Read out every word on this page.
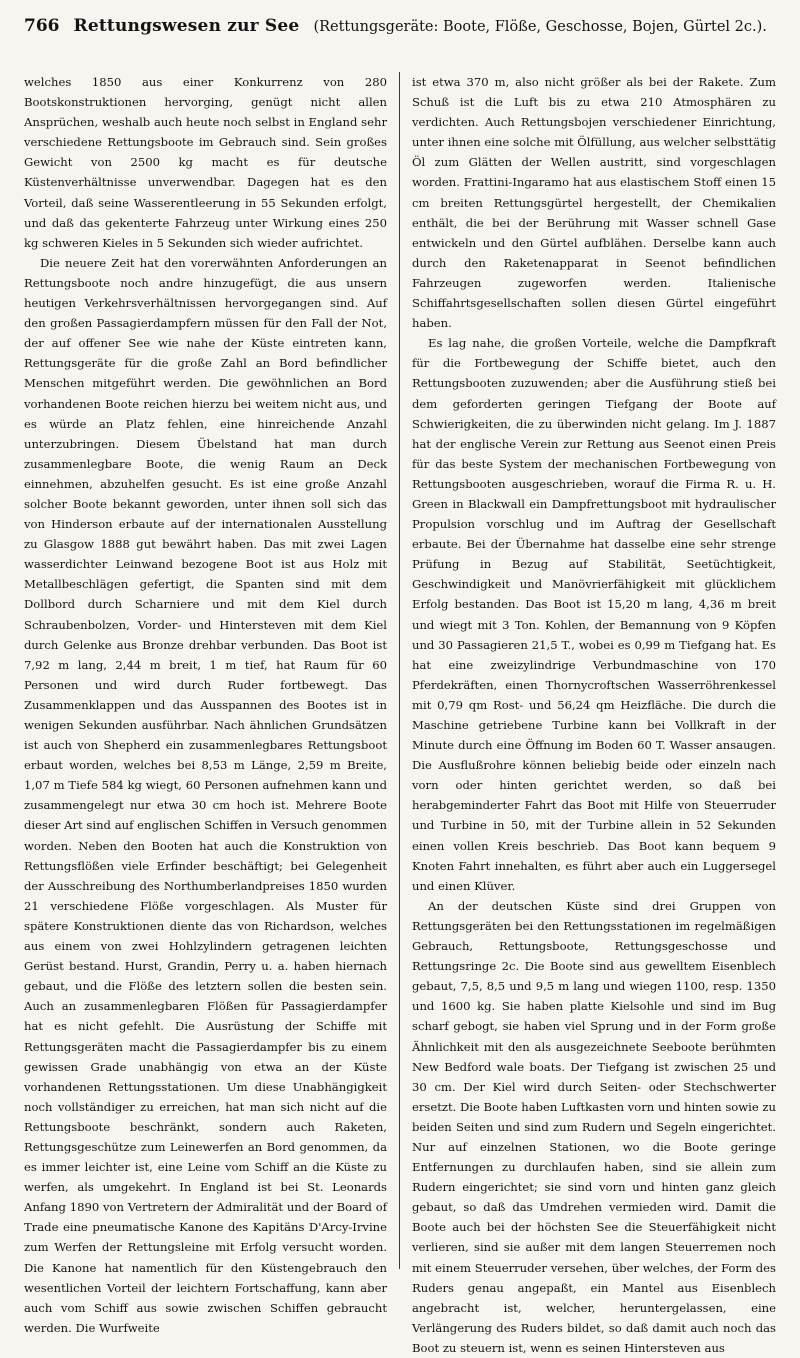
766 Rettungswesen zur See (Rettungsgeräte: Boote, Flöße, Geschosse, Bojen, Gürtel 2c.).

welches 1850 aus einer Konkurrenz von 280 Bootskonstruktionen hervorging, genügt nicht allen Ansprüchen, weshalb auch heute noch selbst in England sehr verschiedene Rettungsboote im Gebrauch sind. Sein großes Gewicht von 2500 kg macht es für deutsche Küstenverhältnisse unverwendbar. Dagegen hat es den Vorteil, daß seine Wasserentleerung in 55 Sekunden erfolgt, und daß das gekenterte Fahrzeug unter Wirkung eines 250 kg schweren Kieles in 5 Sekunden sich wieder aufrichtet.

Die neuere Zeit hat den vorerwähnten Anforderungen an Rettungsboote noch andre hinzugefügt, die aus unsern heutigen Verkehrsverhältnissen hervorgegangen sind. Auf den großen Passagierdampfern müssen für den Fall der Not, der auf offener See wie nahe der Küste eintreten kann, Rettungsgeräte für die große Zahl an Bord befindlicher Menschen mitgeführt werden. Die gewöhnlichen an Bord vorhandenen Boote reichen hierzu bei weitem nicht aus, und es würde an Platz fehlen, eine hinreichende Anzahl unterzubringen. Diesem Übelstand hat man durch zusammenlegbare Boote, die wenig Raum an Deck einnehmen, abzuhelfen gesucht. Es ist eine große Anzahl solcher Boote bekannt geworden, unter ihnen soll sich das von Hinderson erbaute auf der internationalen Ausstellung zu Glasgow 1888 gut bewährt haben. Das mit zwei Lagen wasserdichter Leinwand bezogene Boot ist aus Holz mit Metallbeschlägen gefertigt, die Spanten sind mit dem Dollbord durch Scharniere und mit dem Kiel durch Schraubenbolzen, Vorder- und Hintersteven mit dem Kiel durch Gelenke aus Bronze drehbar verbunden. Das Boot ist 7,92 m lang, 2,44 m breit, 1 m tief, hat Raum für 60 Personen und wird durch Ruder fortbewegt. Das Zusammenklappen und das Ausspannen des Bootes ist in wenigen Sekunden ausführbar. Nach ähnlichen Grundsätzen ist auch von Shepherd ein zusammenlegbares Rettungsboot erbaut worden, welches bei 8,53 m Länge, 2,59 m Breite, 1,07 m Tiefe 584 kg wiegt, 60 Personen aufnehmen kann und zusammengelegt nur etwa 30 cm hoch ist. Mehrere Boote dieser Art sind auf englischen Schiffen in Versuch genommen worden. Neben den Booten hat auch die Konstruktion von Rettungsflößen viele Erfinder beschäftigt; bei Gelegenheit der Ausschreibung des Northumberlandpreises 1850 wurden 21 verschiedene Flöße vorgeschlagen. Als Muster für spätere Konstruktionen diente das von Richardson, welches aus einem von zwei Hohlzylindern getragenen leichten Gerüst bestand. Hurst, Grandin, Perry u. a. haben hiernach gebaut, und die Flöße des letztern sollen die besten sein. Auch an zusammenlegbaren Flößen für Passagierdampfer hat es nicht gefehlt. Die Ausrüstung der Schiffe mit Rettungsgeräten macht die Passagierdampfer bis zu einem gewissen Grade unabhängig von etwa an der Küste vorhandenen Rettungsstationen. Um diese Unabhängigkeit noch vollständiger zu erreichen, hat man sich nicht auf die Rettungsboote beschränkt, sondern auch Raketen, Rettungsgeschütze zum Leinewerfen an Bord genommen, da es immer leichter ist, eine Leine vom Schiff an die Küste zu werfen, als umgekehrt. In England ist bei St. Leonards Anfang 1890 von Vertretern der Admiralität und der Board of Trade eine pneumatische Kanone des Kapitäns D'Arcy-Irvine zum Werfen der Rettungsleine mit Erfolg versucht worden. Die Kanone hat namentlich für den Küstengebrauch den wesentlichen Vorteil der leichtern Fortschaffung, kann aber auch vom Schiff aus sowie zwischen Schiffen gebraucht werden. Die Wurfweite

ist etwa 370 m, also nicht größer als bei der Rakete. Zum Schuß ist die Luft bis zu etwa 210 Atmosphären zu verdichten. Auch Rettungsbojen verschiedener Einrichtung, unter ihnen eine solche mit Ölfüllung, aus welcher selbsttätig Öl zum Glätten der Wellen austritt, sind vorgeschlagen worden. Frattini-Ingaramo hat aus elastischem Stoff einen 15 cm breiten Rettungsgürtel hergestellt, der Chemikalien enthält, die bei der Berührung mit Wasser schnell Gase entwickeln und den Gürtel aufblähen. Derselbe kann auch durch den Raketenapparat in Seenot befindlichen Fahrzeugen zugeworfen werden. Italienische Schiffahrtsgesellschaften sollen diesen Gürtel eingeführt haben.

Es lag nahe, die großen Vorteile, welche die Dampfkraft für die Fortbewegung der Schiffe bietet, auch den Rettungsbooten zuzuwenden; aber die Ausführung stieß bei dem geforderten geringen Tiefgang der Boote auf Schwierigkeiten, die zu überwinden nicht gelang. Im J. 1887 hat der englische Verein zur Rettung aus Seenot einen Preis für das beste System der mechanischen Fortbewegung von Rettungsbooten ausgeschrieben, worauf die Firma R. u. H. Green in Blackwall ein Dampfrettungsboot mit hydraulischer Propulsion vorschlug und im Auftrag der Gesellschaft erbaute. Bei der Übernahme hat dasselbe eine sehr strenge Prüfung in Bezug auf Stabilität, Seetüchtigkeit, Geschwindigkeit und Manövrierfähigkeit mit glücklichem Erfolg bestanden. Das Boot ist 15,20 m lang, 4,36 m breit und wiegt mit 3 Ton. Kohlen, der Bemannung von 9 Köpfen und 30 Passagieren 21,5 T., wobei es 0,99 m Tiefgang hat. Es hat eine zweizylindrige Verbundmaschine von 170 Pferdekräften, einen Thornycroftschen Wasserröhrenkessel mit 0,79 qm Rost- und 56,24 qm Heizfläche. Die durch die Maschine getriebene Turbine kann bei Vollkraft in der Minute durch eine Öffnung im Boden 60 T. Wasser ansaugen. Die Ausflußrohre können beliebig beide oder einzeln nach vorn oder hinten gerichtet werden, so daß bei herabgeminderter Fahrt das Boot mit Hilfe von Steuerruder und Turbine in 50, mit der Turbine allein in 52 Sekunden einen vollen Kreis beschrieb. Das Boot kann bequem 9 Knoten Fahrt innehalten, es führt aber auch ein Luggersegel und einen Klüver.

An der deutschen Küste sind drei Gruppen von Rettungsgeräten bei den Rettungsstationen im regelmäßigen Gebrauch, Rettungsboote, Rettungsgeschosse und Rettungsringe 2c. Die Boote sind aus gewelltem Eisenblech gebaut, 7,5, 8,5 und 9,5 m lang und wiegen 1100, resp. 1350 und 1600 kg. Sie haben platte Kielsohle und sind im Bug scharf gebogt, sie haben viel Sprung und in der Form große Ähnlichkeit mit den als ausgezeichnete Seeboote berühmten New Bedford wale boats. Der Tiefgang ist zwischen 25 und 30 cm. Der Kiel wird durch Seiten- oder Stechschwerter ersetzt. Die Boote haben Luftkasten vorn und hinten sowie zu beiden Seiten und sind zum Rudern und Segeln eingerichtet. Nur auf einzelnen Stationen, wo die Boote geringe Entfernungen zu durchlaufen haben, sind sie allein zum Rudern eingerichtet; sie sind vorn und hinten ganz gleich gebaut, so daß das Umdrehen vermieden wird. Damit die Boote auch bei der höchsten See die Steuerfähigkeit nicht verlieren, sind sie außer mit dem langen Steuerremen noch mit einem Steuerruder versehen, über welches, der Form des Ruders genau angepaßt, ein Mantel aus Eisenblech angebracht ist, welcher, heruntergelassen, eine Verlängerung des Ruders bildet, so daß damit auch noch das Boot zu steuern ist, wenn es seinen Hintersteven aus
